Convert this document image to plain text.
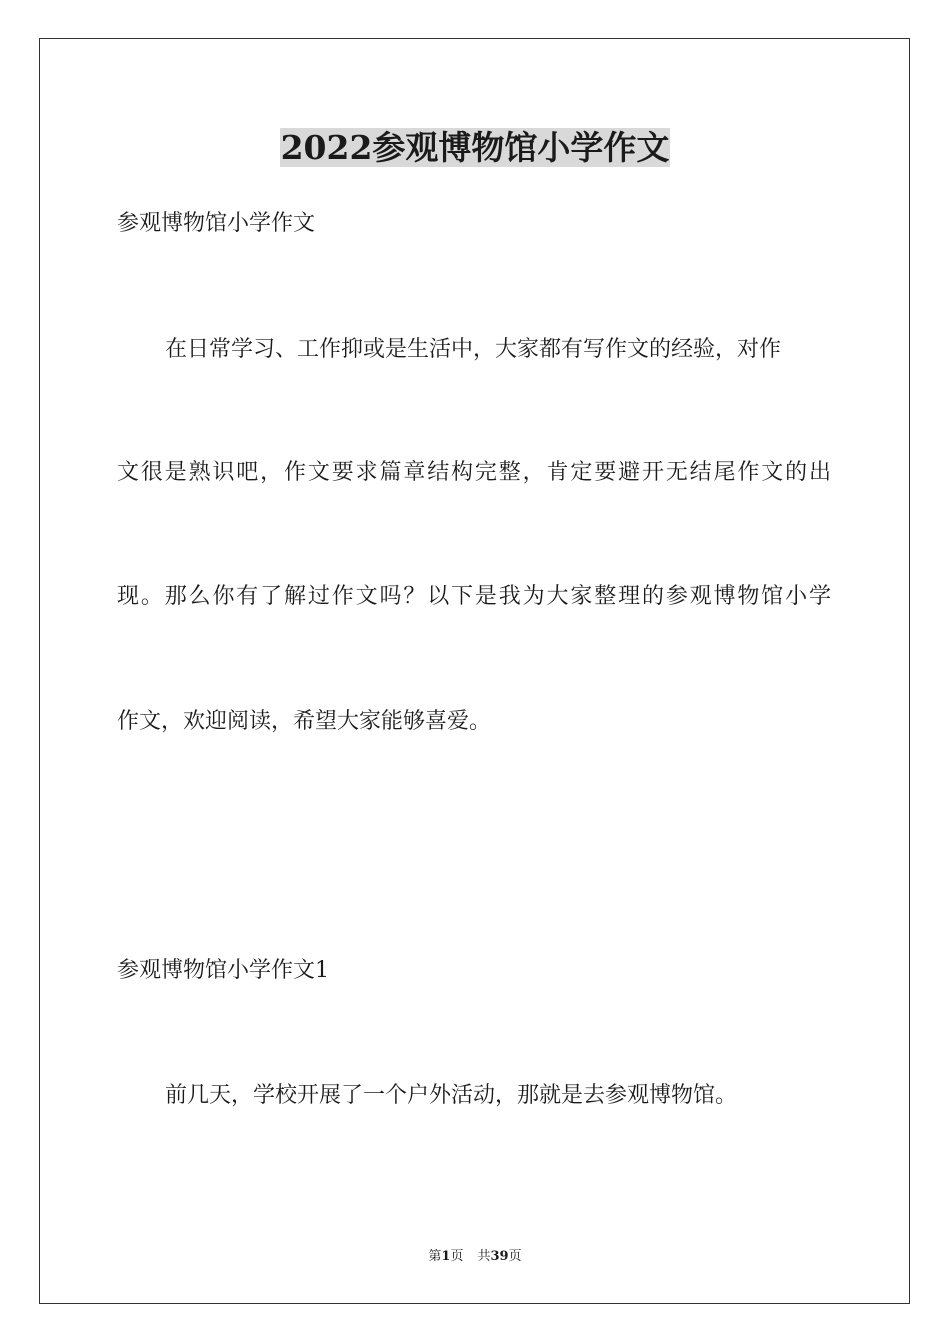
2022参观博物馆小学作文
参观博物馆小学作文
在日常学习、工作抑或是生活中，大家都有写作文的经验，对作
文很是熟识吧，作文要求篇章结构完整，肯定要避开无结尾作文的出
现。那么你有了解过作文吗？以下是我为大家整理的参观博物馆小学
作文，欢迎阅读，希望大家能够喜爱。
参观博物馆小学作文1
前几天，学校开展了一个户外活动，那就是去参观博物馆。
第1页 共39页
